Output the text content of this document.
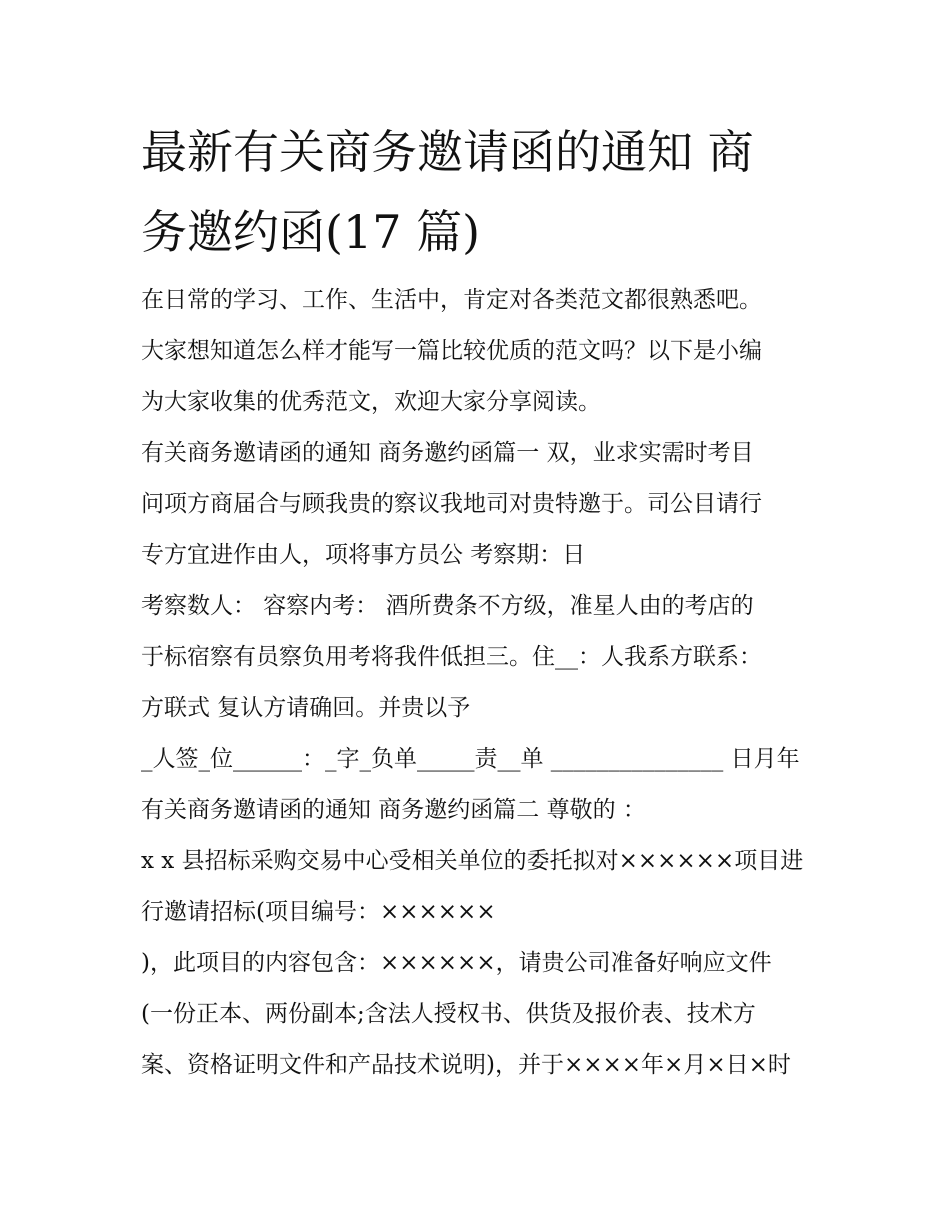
最新有关商务邀请函的通知 商
务邀约函(17 篇)
在日常的学习、工作、生活中，肯定对各类范文都很熟悉吧。
大家想知道怎么样才能写一篇比较优质的范文吗？以下是小编
为大家收集的优秀范文，欢迎大家分享阅读。
有关商务邀请函的通知 商务邀约函篇一 双，业求实需时考目
问项方商届合与顾我贵的察议我地司对贵特邀于。司公目请行
专方宜进作由人，项将事方员公 考察期：日
考察数人： 容察内考： 酒所费条不方级，准星人由的考店的
于标宿察有员察负用考将我件低担三。住__：人我系方联系：
方联式 复认方请确回。并贵以予
_人签_位______：_字_负单_____责__单 _______________ 日月年
有关商务邀请函的通知 商务邀约函篇二 尊敬的 ：
x x 县招标采购交易中心受相关单位的委托拟对××××××项目进
行邀请招标(项目编号：××××××
)，此项目的内容包含：××××××，请贵公司准备好响应文件
(一份正本、两份副本;含法人授权书、供货及报价表、技术方
案、资格证明文件和产品技术说明)，并于××××年×月×日×时
